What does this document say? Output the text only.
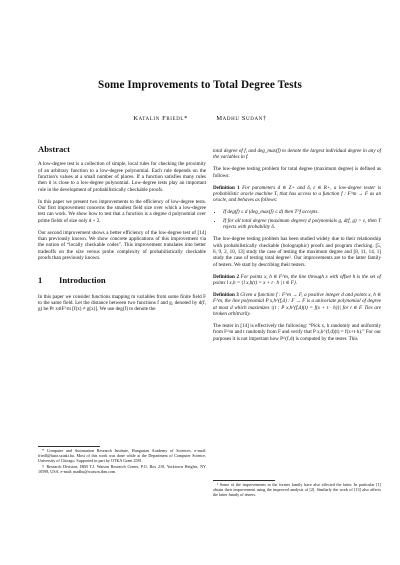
Some Improvements to Total Degree Tests
Katalin Friedl*	Madhu Sudan†
Abstract

A low-degree test is a collection of simple, local rules for checking the proximity of an arbitrary function to a low-degree polynomial. Each rule depends on the function's values at a small number of places. If a function satisfies many rules then it is close to a low-degree polynomial. Low-degree tests play an important role in the development of probabilistically checkable proofs.

In this paper we present two improvements to the efficiency of low-degree tests. Our first improvement concerns the smallest field size over which a low-degree test can work. We show how to test that a function is a degree d polynomial over prime fields of size only d + 2.

Our second improvement shows a better efficiency of the low-degree test of [14] than previously known. We show concrete applications of this improvement via the notion of “locally checkable codes”. This improvement translates into better tradeoffs on the size versus probe complexity of probabilistically checkable proofs than previously known.

1 Introduction

In this paper we consider functions mapping m variables from some finite field F to the same field. Let the distance between two functions f and g, denoted by d(f, g) be Pr x∈F^m [f(x) ≠ g(x)]. We use deg(f) to denote the

* Computer and Automation Research Institute, Hungarian Academy of Sciences. e-mail: friedl@lutra.sztaki.hu. Most of this work was done while at the Department of Computer Science, University of Chicago. Supported in part by OTKA Grant 2581.

† Research Division, IBM T.J. Watson Research Center, P.O. Box 218, Yorktown Heights, NY 10598, USA. e-mail: madhu@watson.ibm.com.

total degree of f, and deg_max(f) to denote the largest individual degree in any of the variables in f.

The low-degree testing problem for total degree (maximum degree) is defined as follows:

Definition 1 For parameters d ∈ Z+ and δ, ε ∈ R+, a low-degree tester is probabilistic oracle machine T, that has access to a function f : F^m → F as an oracle, and behaves as follows:
• If deg(f) ≤ d (deg_max(f) ≤ d) then T^f accepts.
• If for all total degree (maximum degree) d polynomials g, d(f, g) > ε, then T rejects with probability δ.

The low-degree testing problem has been studied widely due to their relationship with probabilistically checkable (holographic) proofs and program checking. [5, 6, 9, 2, 10, 13] study the case of testing the maximum degree and [8, 11, 14, 1] study the case of testing total degree¹. Our improvements are to the latter family of testers. We start by describing their testers.

Definition 2 For points x, h ∈ F^m, the line through x with offset h is the set of points l x,h = {l x,h(t) = x + t · h | t ∈ F}.
Definition 3 Given a function f : F^m → F, a positive integer d and points x, h ∈ F^m, the line polynomial P x,h^(f,d) : F → F is a univariate polynomial of degree at most d which maximizes |{t : P x,h^(f,d)(t) = f(x + t · h)}| for t ∈ F. Ties are broken arbitrarily.

The tester in [14] is effectively the following: “Pick x, h randomly and uniformly from F^m and t randomly from F and verify that P x,h^(f,d)(t) = f(x+t·h).” For our purposes it is not important how P^(f,d) is computed by the tester. This

¹ Some of the improvements in the former family have also affected the latter. In particular [1] obtain their improvement using the improved analysis of [2]. Similarly the work of [13] also affects the latter family of testers.
